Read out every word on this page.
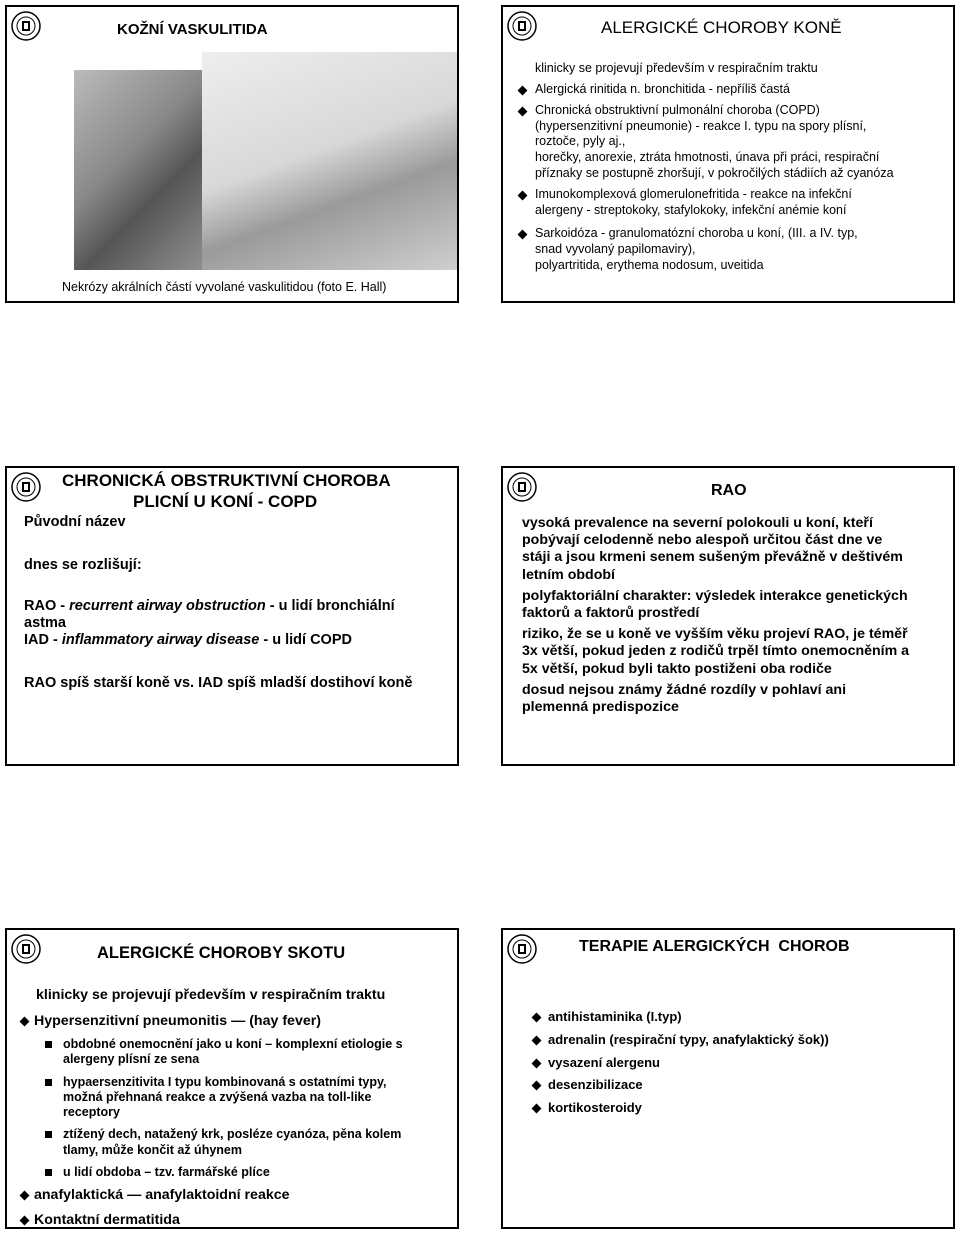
KOŽNÍ VASKULITIDA
Nekrózy akrálních částí vyvolané vaskulitidou (foto E. Hall)
ALERGICKÉ CHOROBY KONĚ
klinicky se projevují především v respiračním traktu
Alergická rinitida n. bronchitida - nepříliš častá
Chronická obstruktivní pulmonální choroba (COPD)
(hypersenzitivní pneumonie) - reakce I. typu na spory plísní,
roztoče, pyly aj.,
horečky, anorexie, ztráta hmotnosti, únava při práci, respirační
příznaky se postupně zhoršují, v pokročilých stádiích až cyanóza
Imunokomplexová glomerulonefritida - reakce na infekční
alergeny - streptokoky, stafylokoky, infekční anémie koní
Sarkoidóza - granulomatózní choroba u koní, (III. a IV. typ,
snad vyvolaný papilomaviry),
polyartritida, erythema nodosum, uveitida
CHRONICKÁ OBSTRUKTIVNÍ CHOROBA
PLICNÍ U KONÍ - COPD
Původní název
dnes se rozlišují:
RAO - recurrent airway obstruction - u lidí bronchiální
astma
IAD - inflammatory airway disease - u lidí COPD
RAO spíš starší koně vs. IAD spíš mladší dostihoví koně
RAO
vysoká prevalence na severní polokouli u koní, kteří
pobývají celodenně nebo alespoň určitou část dne ve
stáji a jsou krmeni senem sušeným převážně v deštivém
letním období
polyfaktoriální charakter: výsledek interakce genetických
faktorů a faktorů prostředí
riziko, že se u koně ve vyšším věku projeví RAO, je téměř
3x větší, pokud jeden z rodičů trpěl tímto onemocněním a
5x větší, pokud byli takto postiženi oba rodiče
dosud nejsou známy žádné rozdíly v pohlaví ani
plemenná predispozice
ALERGICKÉ CHOROBY SKOTU
klinicky se projevují především v respiračním traktu
Hypersenzitivní pneumonitis — (hay fever)
obdobné onemocnění jako u koní – komplexní etiologie s
alergeny plísní ze sena
hypaersenzitivita I typu kombinovaná s ostatními typy,
možná přehnaná reakce a zvýšená vazba na toll-like
receptory
ztížený dech, natažený krk, posléze cyanóza, pěna kolem
tlamy, může končit až úhynem
u lidí obdoba – tzv. farmářské plíce
anafylaktická — anafylaktoidní reakce
Kontaktní dermatitida
TERAPIE ALERGICKÝCH  CHOROB
antihistaminika (I.typ)
adrenalin (respirační typy, anafylaktický šok))
vysazení alergenu
desenzibilizace
kortikosteroidy
